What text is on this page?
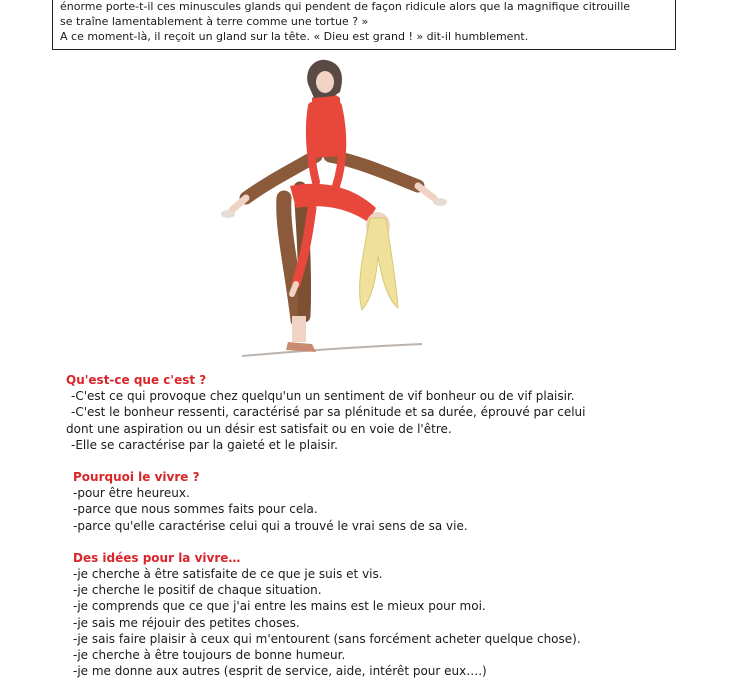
énorme porte-t-il ces minuscules glands qui pendent de façon ridicule alors que la magnifique citrouille

se traîne lamentablement à terre comme une tortue ? »

A ce moment-là, il reçoit un gland sur la tête. « Dieu est grand ! » dit-il humblement.

Qu'est-ce que c'est ?

-C'est ce qui provoque chez quelqu'un un sentiment de vif bonheur ou de vif plaisir.

-C'est le bonheur ressenti, caractérisé par sa plénitude et sa durée, éprouvé par celui

dont une aspiration ou un désir est satisfait ou en voie de l'être.

-Elle se caractérise par la gaieté et le plaisir.

Pourquoi le vivre ?

-pour être heureux.

-parce que nous sommes faits pour cela.

-parce qu'elle caractérise celui qui a trouvé le vrai sens de sa vie.

Des idées pour la vivre…

-je cherche à être satisfaite de ce que je suis et vis.

-je cherche le positif de chaque situation.

-je comprends que ce que j'ai entre les mains est le mieux pour moi.

-je sais me réjouir des petites choses.

-je sais faire plaisir à ceux qui m'entourent (sans forcément acheter quelque chose).

-je cherche à être toujours de bonne humeur.

-je me donne aux autres (esprit de service, aide, intérêt pour eux….)
